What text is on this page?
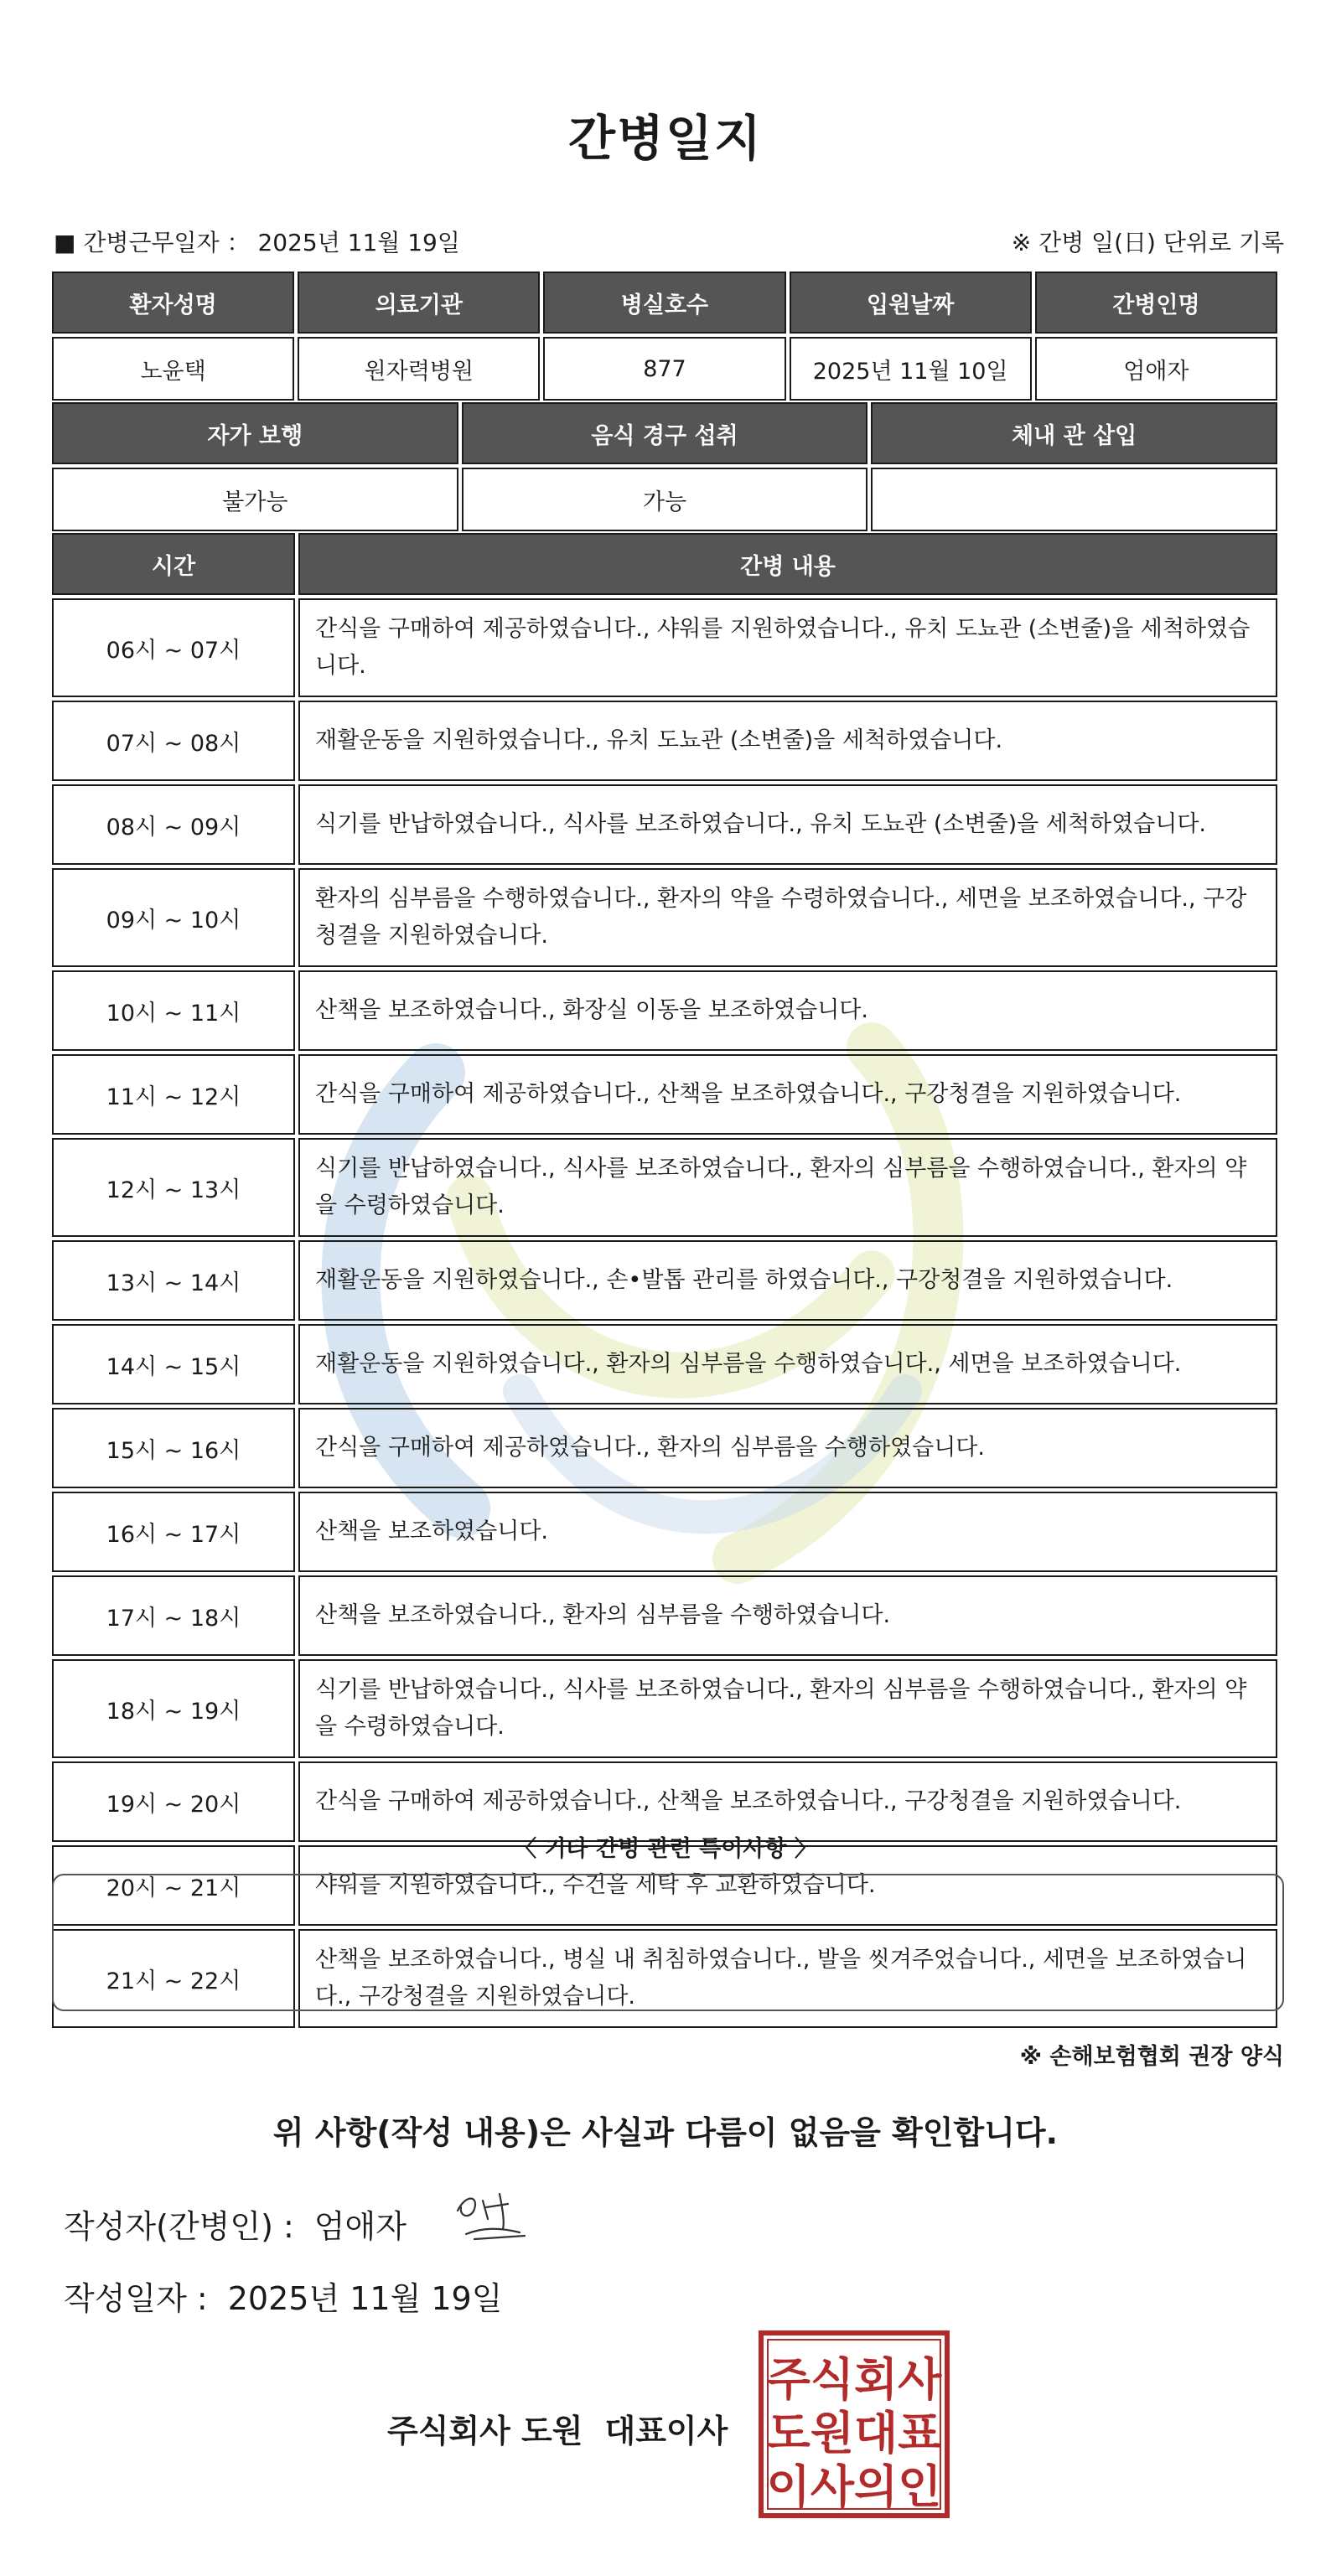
간병일지
■ 간병근무일자 ： 2025년 11월 19일	※ 간병 일(日) 단위로 기록
환자성명	의료기관	병실호수	입원날짜	간병인명
노윤택	원자력병원	877	2025년 11월 10일	엄애자
자가 보행	음식 경구 섭취	체내 관 삽입
불가능	가능	
시간	간병 내용
06시 ~ 07시	간식을 구매하여 제공하였습니다., 샤워를 지원하였습니다., 유치 도뇨관 (소변줄)을 세척하였습니다.
07시 ~ 08시	재활운동을 지원하였습니다., 유치 도뇨관 (소변줄)을 세척하였습니다.
08시 ~ 09시	식기를 반납하였습니다., 식사를 보조하였습니다., 유치 도뇨관 (소변줄)을 세척하였습니다.
09시 ~ 10시	환자의 심부름을 수행하였습니다., 환자의 약을 수령하였습니다., 세면을 보조하였습니다., 구강청결을 지원하였습니다.
10시 ~ 11시	산책을 보조하였습니다., 화장실 이동을 보조하였습니다.
11시 ~ 12시	간식을 구매하여 제공하였습니다., 산책을 보조하였습니다., 구강청결을 지원하였습니다.
12시 ~ 13시	식기를 반납하였습니다., 식사를 보조하였습니다., 환자의 심부름을 수행하였습니다., 환자의 약을 수령하였습니다.
13시 ~ 14시	재활운동을 지원하였습니다., 손•발톱 관리를 하였습니다., 구강청결을 지원하였습니다.
14시 ~ 15시	재활운동을 지원하였습니다., 환자의 심부름을 수행하였습니다., 세면을 보조하였습니다.
15시 ~ 16시	간식을 구매하여 제공하였습니다., 환자의 심부름을 수행하였습니다.
16시 ~ 17시	산책을 보조하였습니다.
17시 ~ 18시	산책을 보조하였습니다., 환자의 심부름을 수행하였습니다.
18시 ~ 19시	식기를 반납하였습니다., 식사를 보조하였습니다., 환자의 심부름을 수행하였습니다., 환자의 약을 수령하였습니다.
19시 ~ 20시	간식을 구매하여 제공하였습니다., 산책을 보조하였습니다., 구강청결을 지원하였습니다.
20시 ~ 21시	샤워를 지원하였습니다., 수건을 세탁 후 교환하였습니다.
21시 ~ 22시	산책을 보조하였습니다., 병실 내 취침하였습니다., 발을 씻겨주었습니다., 세면을 보조하였습니다., 구강청결을 지원하였습니다.
〈 기타 간병 관련 특이사항 〉
※ 손해보험협회 권장 양식
위 사항(작성 내용)은 사실과 다름이 없음을 확인합니다.
작성자(간병인) : 엄애자
작성일자 : 2025년 11월 19일
주식회사 도원 대표이사
주식회사
도원대표
이사의인
